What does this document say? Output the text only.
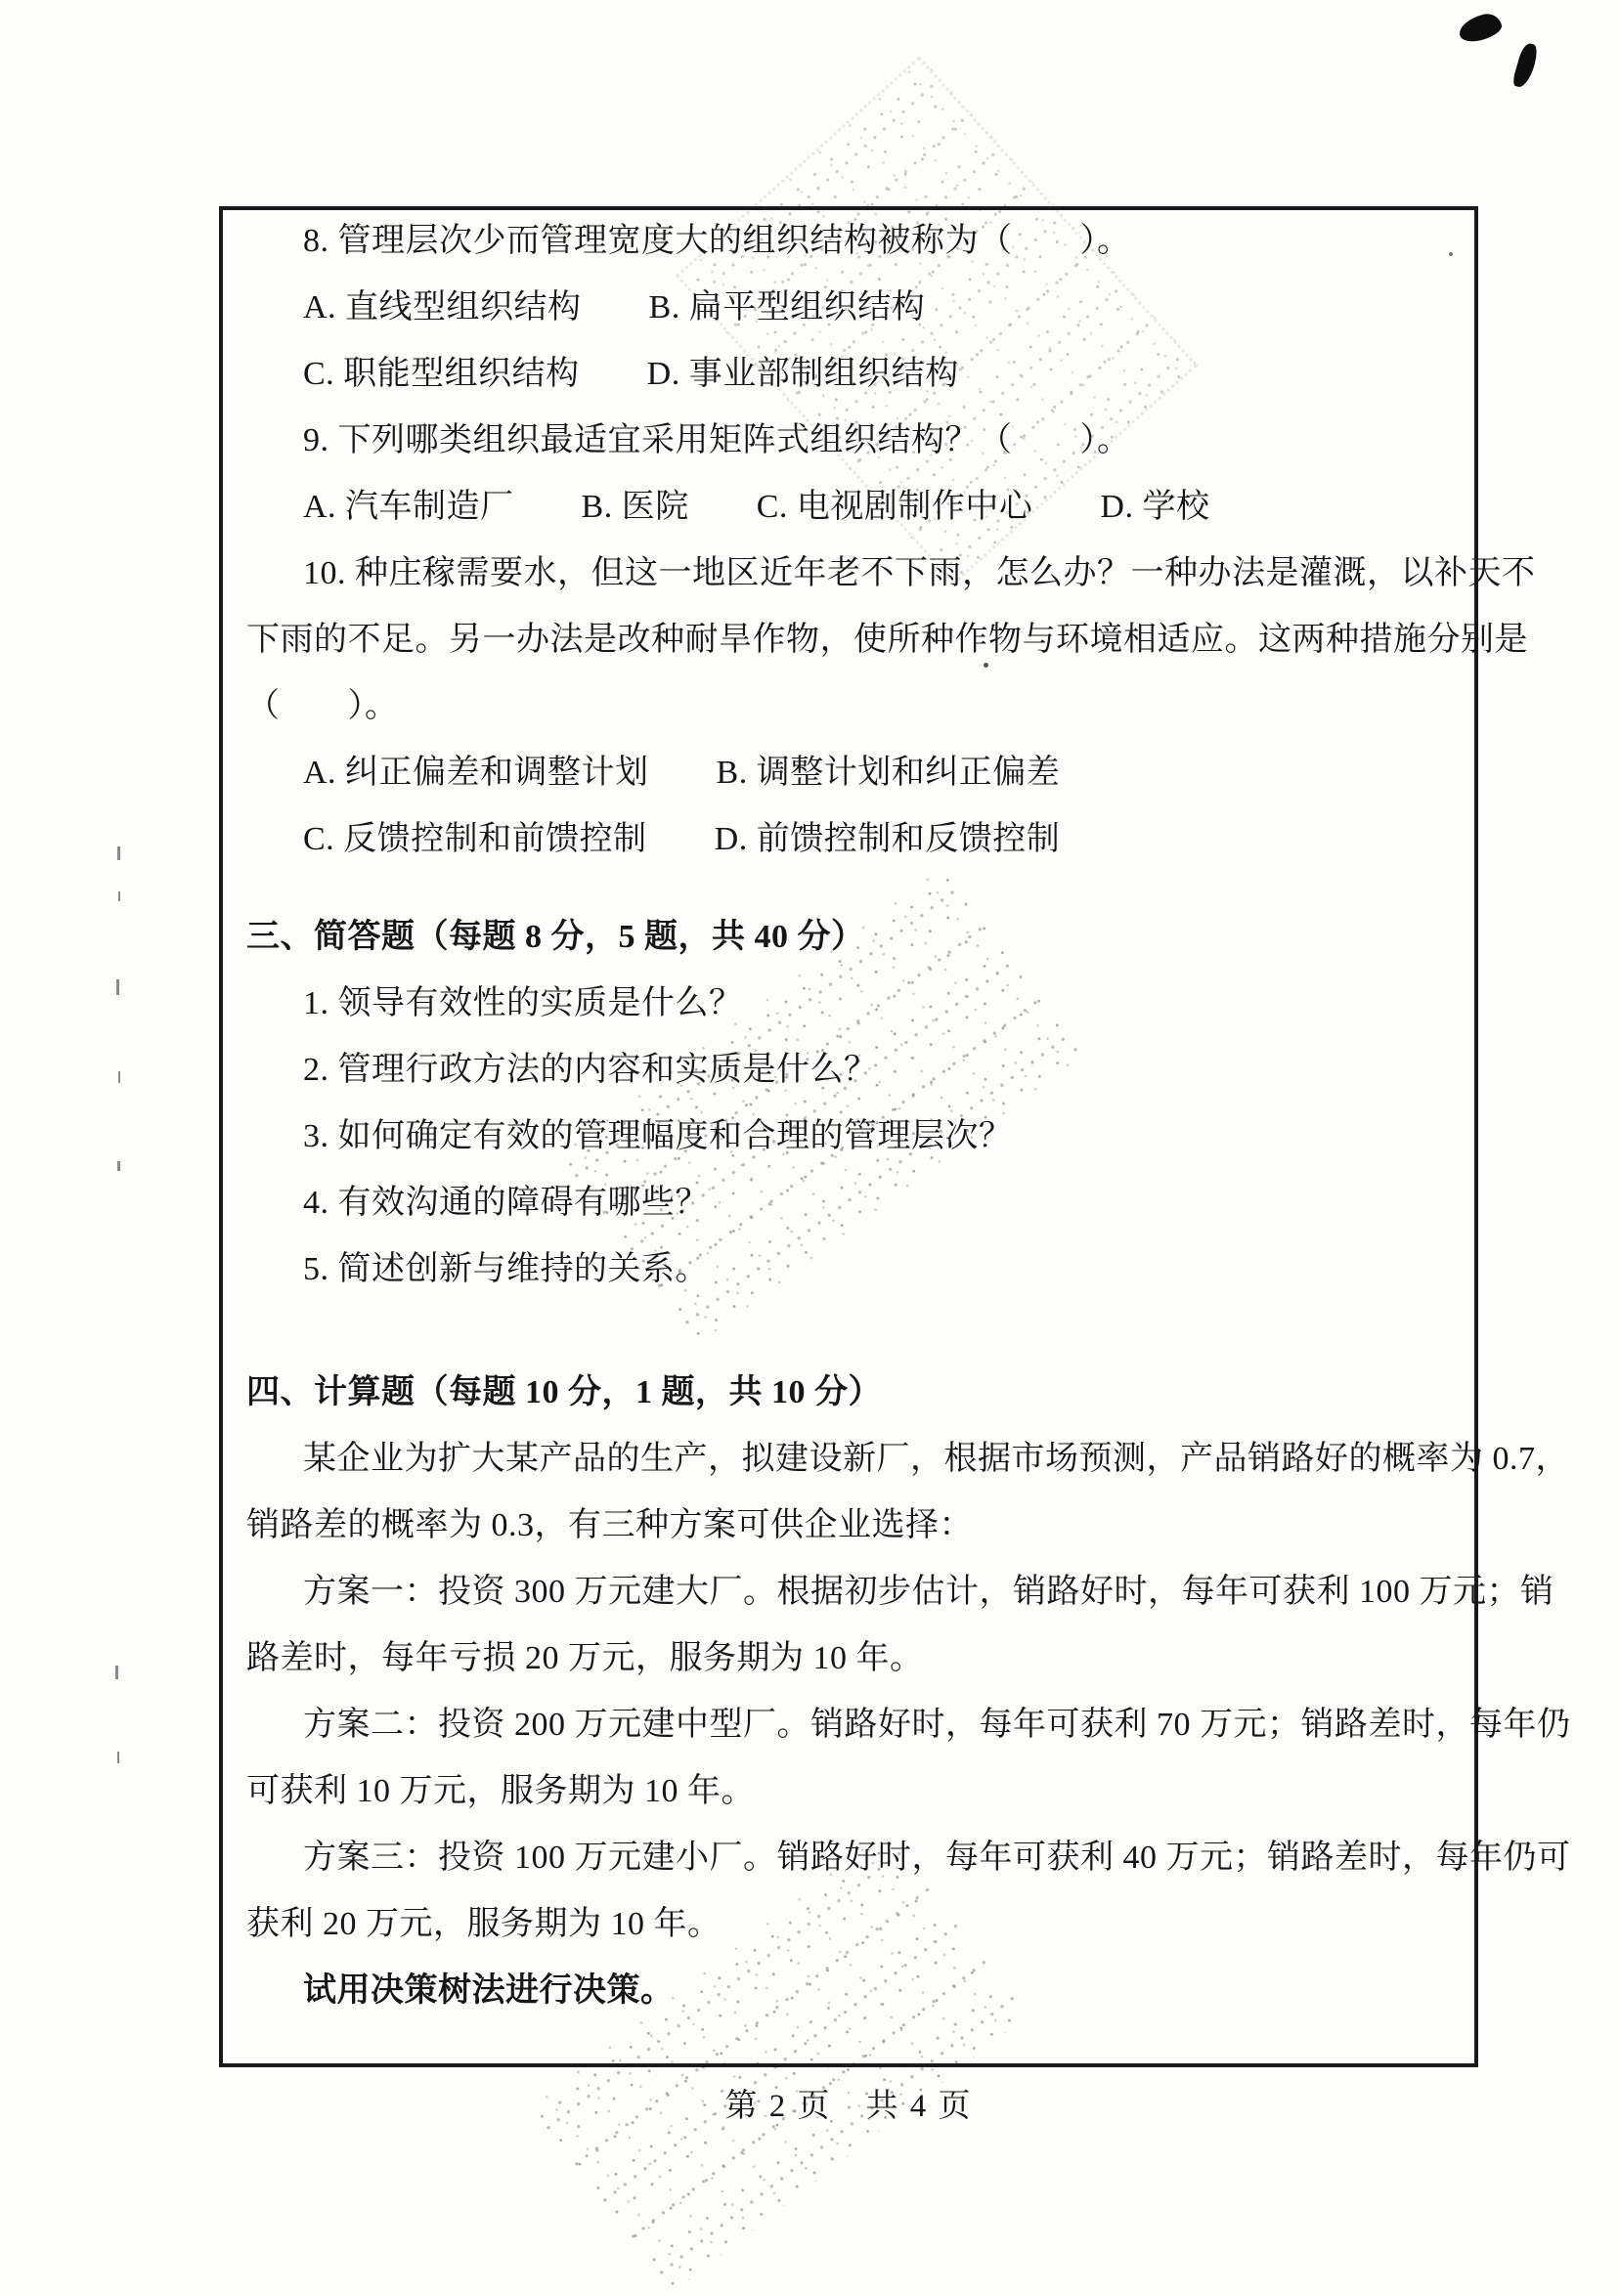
8. 管理层次少而管理宽度大的组织结构被称为（　　）。
A. 直线型组织结构　　B. 扁平型组织结构
C. 职能型组织结构　　D. 事业部制组织结构
9. 下列哪类组织最适宜采用矩阵式组织结构？（　　）。
A. 汽车制造厂　　B. 医院　　C. 电视剧制作中心　　D. 学校
10. 种庄稼需要水，但这一地区近年老不下雨，怎么办？一种办法是灌溉，以补天不
下雨的不足。另一办法是改种耐旱作物，使所种作物与环境相适应。这两种措施分别是
（　　）。
A. 纠正偏差和调整计划　　B. 调整计划和纠正偏差
C. 反馈控制和前馈控制　　D. 前馈控制和反馈控制
三、简答题（每题 8 分，5 题，共 40 分）
1. 领导有效性的实质是什么？
2. 管理行政方法的内容和实质是什么？
3. 如何确定有效的管理幅度和合理的管理层次？
4. 有效沟通的障碍有哪些？
5. 简述创新与维持的关系。
四、计算题（每题 10 分，1 题，共 10 分）
某企业为扩大某产品的生产，拟建设新厂，根据市场预测，产品销路好的概率为 0.7，
销路差的概率为 0.3，有三种方案可供企业选择：
方案一：投资 300 万元建大厂。根据初步估计，销路好时，每年可获利 100 万元；销
路差时，每年亏损 20 万元，服务期为 10 年。
方案二：投资 200 万元建中型厂。销路好时，每年可获利 70 万元；销路差时，每年仍
可获利 10 万元，服务期为 10 年。
方案三：投资 100 万元建小厂。销路好时，每年可获利 40 万元；销路差时，每年仍可
获利 20 万元，服务期为 10 年。
试用决策树法进行决策。
第 2 页　共 4 页
